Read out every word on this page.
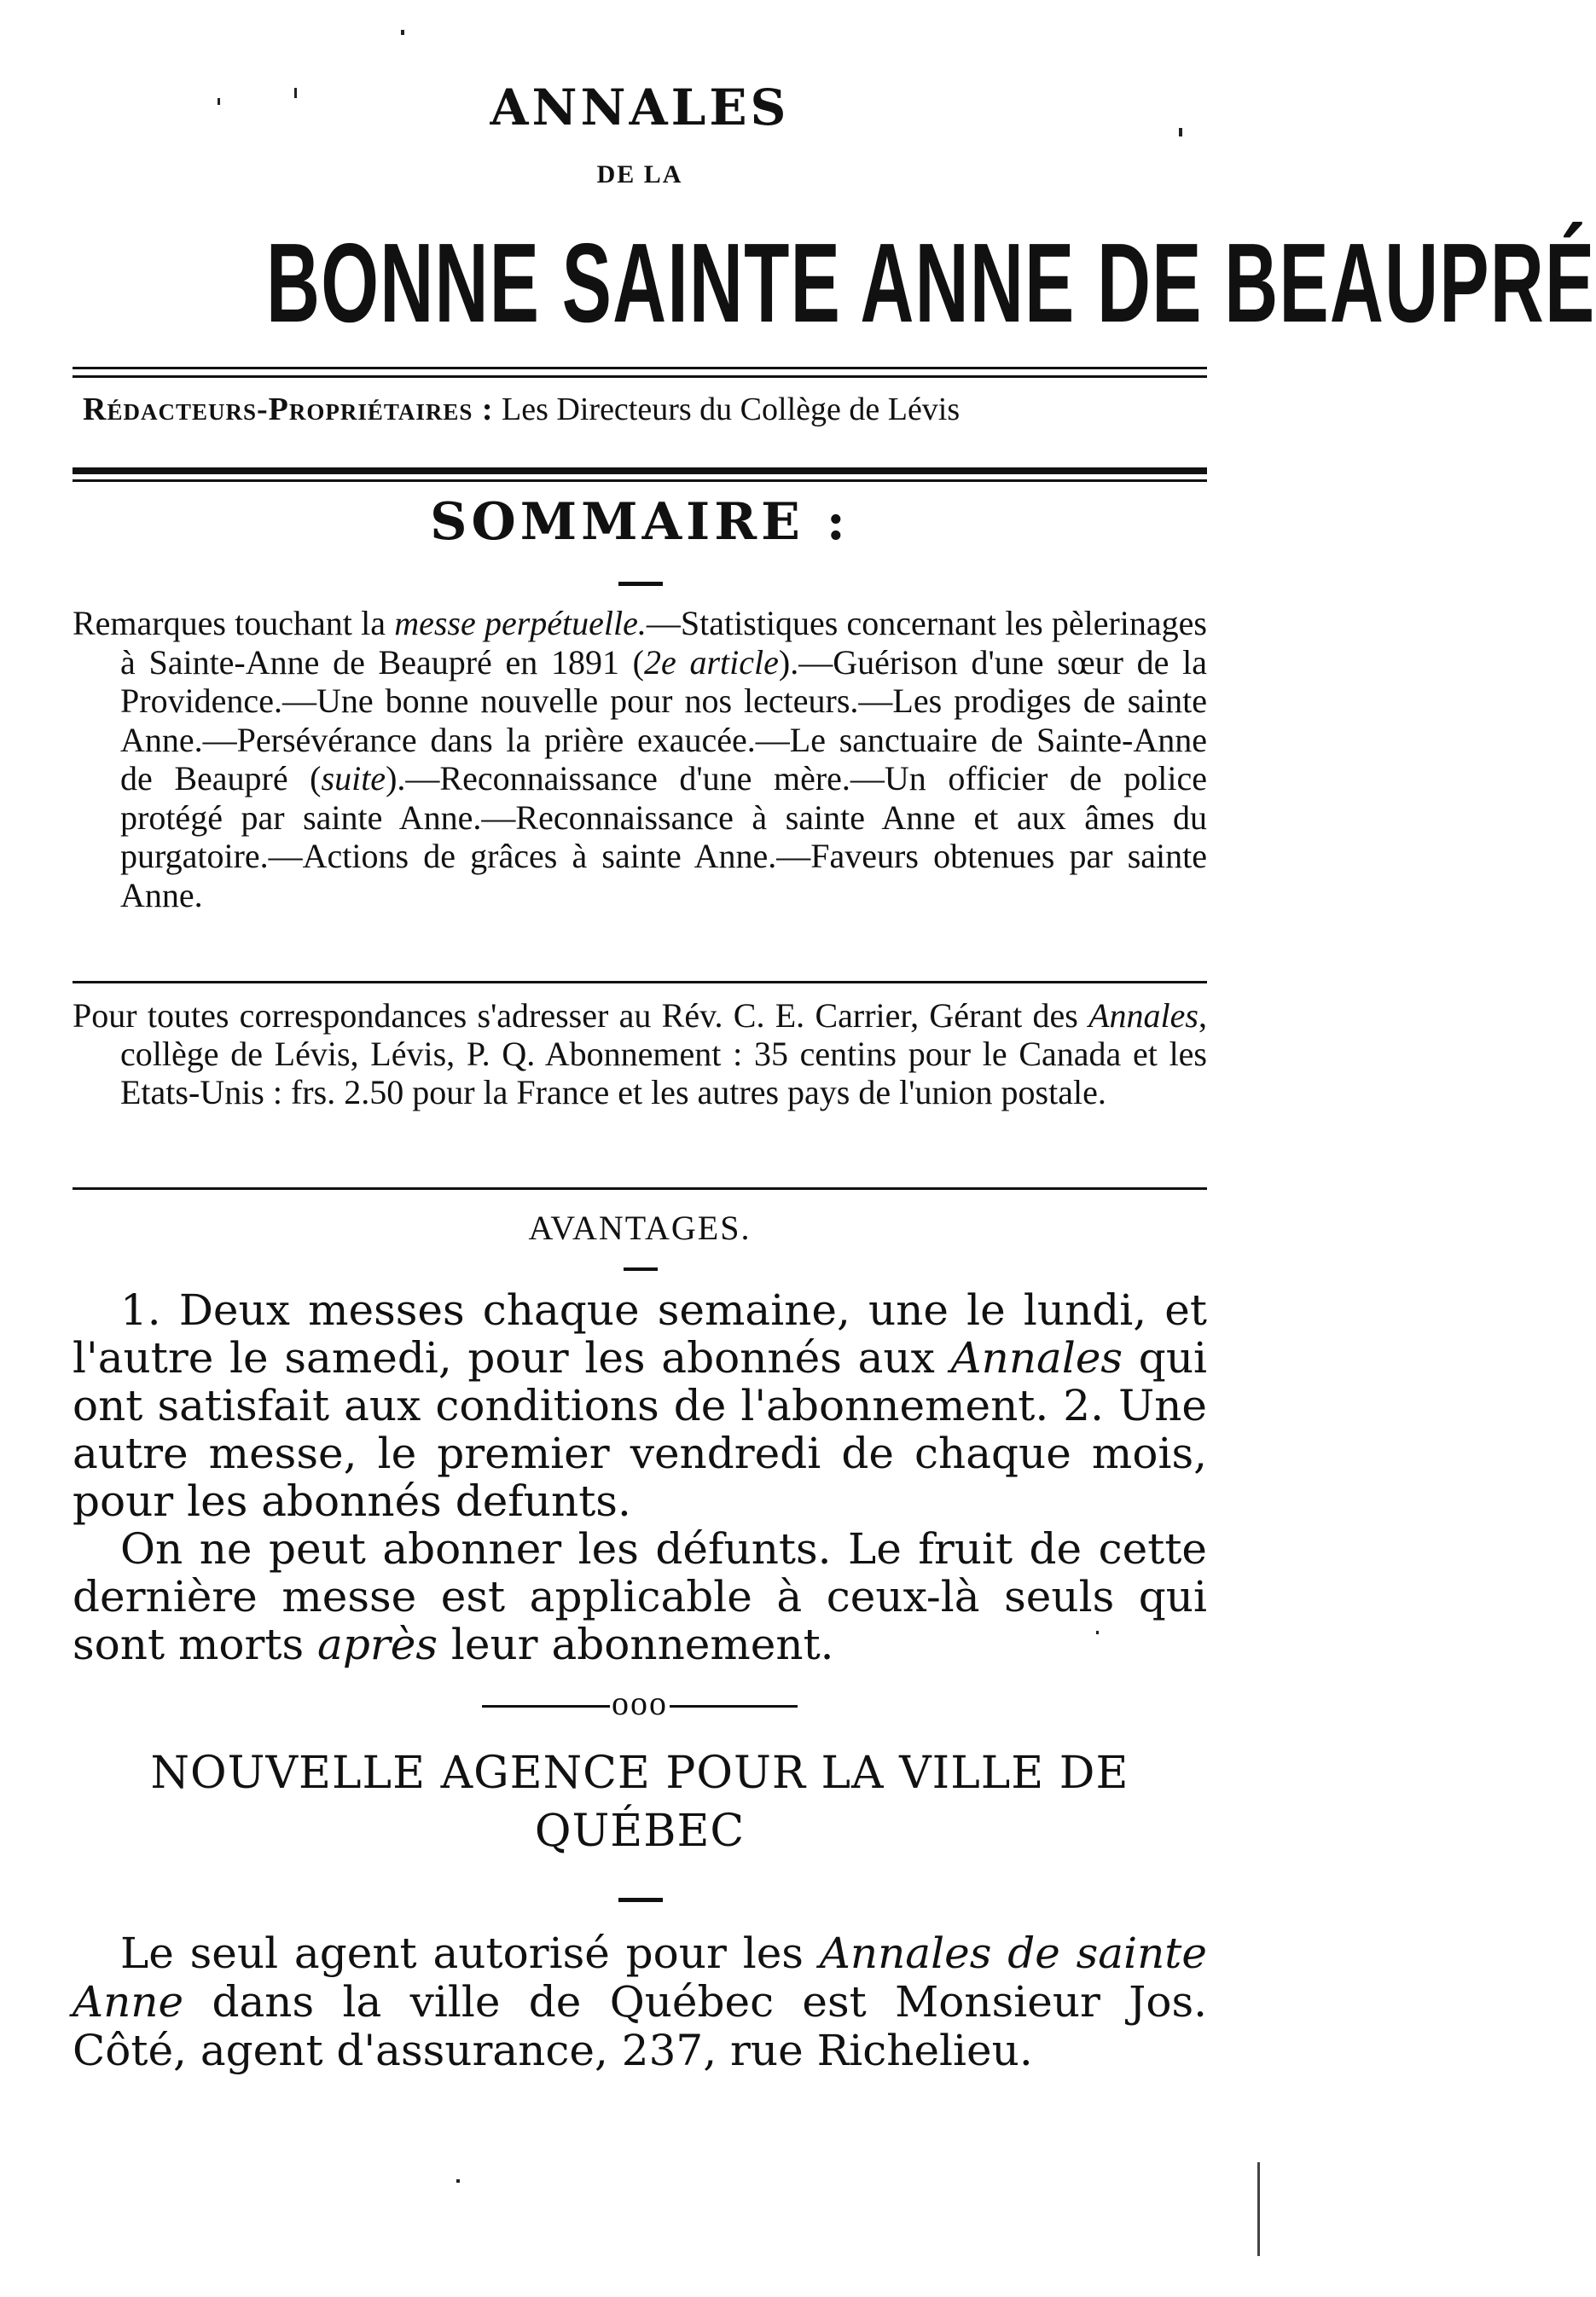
ANNALES
DE LA
BONNE SAINTE ANNE DE BEAUPRÉ
Rédacteurs-Propriétaires : Les Directeurs du Collège de Lévis
SOMMAIRE :
Remarques touchant la messe perpétuelle.—Statistiques concernant les pèlerinages à Sainte-Anne de Beaupré en 1891 (2e article).—Guérison d'une sœur de la Providence.—Une bonne nouvelle pour nos lecteurs.—Les prodiges de sainte Anne.—Persévérance dans la prière exaucée.—Le sanctuaire de Sainte-Anne de Beaupré (suite).—Reconnaissance d'une mère.—Un officier de police protégé par sainte Anne.—Reconnaissance à sainte Anne et aux âmes du purgatoire.—Actions de grâces à sainte Anne.—Faveurs obtenues par sainte Anne.
Pour toutes correspondances s'adresser au Rév. C. E. Carrier, Gérant des Annales, collège de Lévis, Lévis, P. Q. Abonnement : 35 centins pour le Canada et les Etats-Unis : frs. 2.50 pour la France et les autres pays de l'union postale.
AVANTAGES.

1. Deux messes chaque semaine, une le lundi, et l'autre le samedi, pour les abonnés aux Annales qui ont satisfait aux conditions de l'abonnement. 2. Une autre messe, le premier vendredi de chaque mois, pour les abonnés defunts.

On ne peut abonner les défunts. Le fruit de cette dernière messe est applicable à ceux-là seuls qui sont morts après leur abonnement.

ooo
NOUVELLE AGENCE POUR LA VILLE DE
QUÉBEC
Le seul agent autorisé pour les Annales de sainte Anne dans la ville de Québec est Monsieur Jos. Côté, agent d'assurance, 237, rue Richelieu.
